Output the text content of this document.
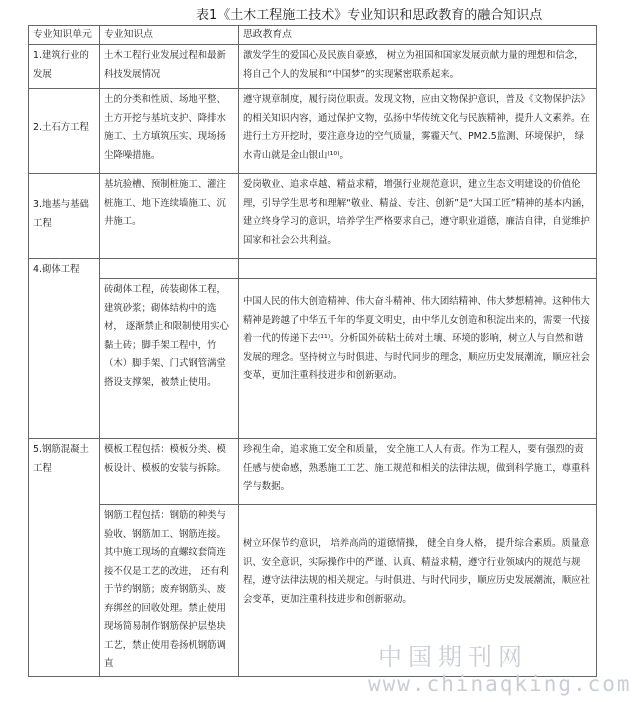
表1《土木工程施工技术》专业知识和思政教育的融合知识点
专业知识单元	专业知识点	思政教育点
1.建筑行业的发展	土木工程行业发展过程和最新科技发展情况	激发学生的爱国心及民族自豪感， 树立为祖国和国家发展贡献力量的理想和信念，将自己个人的发展和“中国梦”的实现紧密联系起来。
2.土石方工程	土的分类和性质、场地平整、土方开挖与基坑支护、降排水施工、土方填筑压实、现场扬尘降噪措施。	遵守规章制度，履行岗位职责。发现文物，应由文物保护意识，普及《文物保护法》的相关知识内容，通过保护文物，弘扬中华传统文化与民族精神，提升人文素养。在进行土方开挖时，要注意身边的空气质量，雾霾天气、PM2.5监测、环境保护， 绿水青山就是金山银山⁽¹⁰⁾。
3.地基与基础工程	基坑验槽、预制桩施工、灌注桩施工、地下连续墙施工、沉井施工。	爱岗敬业、追求卓越、精益求精，增强行业规范意识，建立生态文明建设的价值伦理，引导学生思考和理解“敬业、精益、专注、创新”是“大国工匠”精神的基本内涵，建立终身学习的意识，培养学生严格要求自己，遵守职业道德，廉洁自律，自觉维护国家和社会公共利益。
4.砌体工程		
	砖砌体工程，砖装砌体工程，建筑砂浆；砌体结构中的选材， 逐渐禁止和限制使用实心黏土砖；脚手架工程中，竹（木）脚手架、门式钢管满堂搭设支撑架，被禁止使用。	中国人民的伟大创造精神、伟大奋斗精神、伟大团结精神、伟大梦想精神。这种伟大精神是跨越了中华五千年的华夏文明史，由中华儿女创造和积淀出来的，需要一代接着一代的传递下去⁽¹¹⁾。分析国外砖粘土砖对土壤、环境的影响，树立人与自然和谐发展的理念。坚持树立与时俱进、与时代同步的理念，顺应历史发展潮流，顺应社会变革，更加注重科技进步和创新驱动。
5.钢筋混凝土工程	模板工程包括：模板分类、模板设计、模板的安装与拆除。	珍视生命，追求施工安全和质量， 安全施工人人有责。作为工程人，要有强烈的责任感与使命感，熟悉施工工艺、施工规范和相关的法律法规，做到科学施工，尊重科学与数据。
	钢筋工程包括：钢筋的种类与验收、钢筋加工、钢筋连接。其中施工现场的直螺纹套筒连接不仅是工艺的改进， 还有利于节约钢筋；废弃钢筋头、废弃绑丝的回收处理。禁止使用现场简易制作钢筋保护层垫块工艺，禁止使用卷扬机钢筋调直	树立环保节约意识， 培养高尚的道德情操， 健全自身人格， 提升综合素质。质量意识、安全意识，实际操作中的严谨、认真、精益求精，遵守行业领域内的规范与规程，遵守法律法规的相关规定。与时俱进、与时代同步，顺应历史发展潮流，顺应社会变革，更加注重科技进步和创新驱动。
中国期刊网
www.chinaqking.com
